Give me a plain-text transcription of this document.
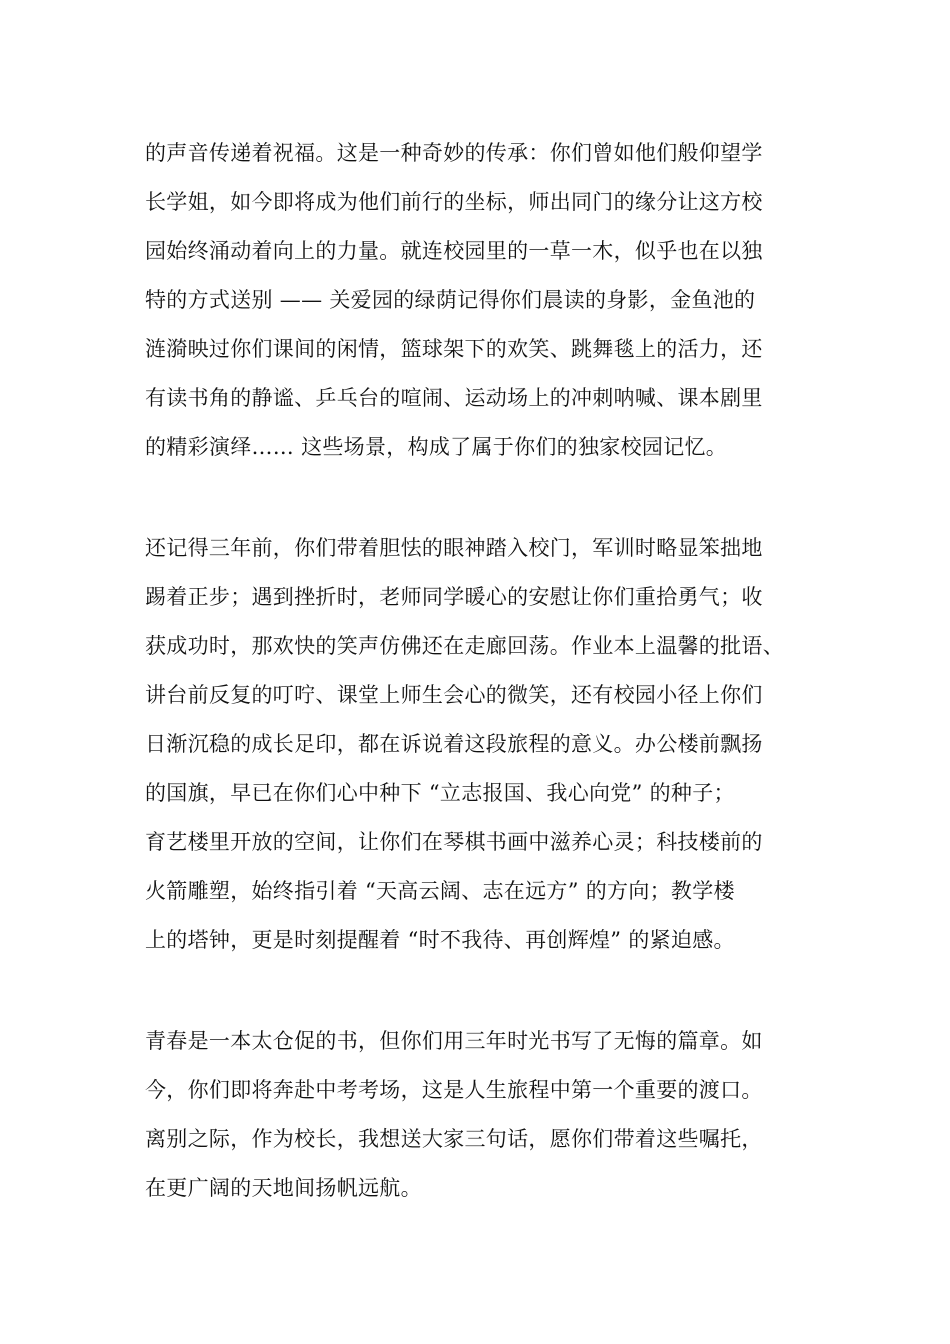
的声音传递着祝福。这是一种奇妙的传承：你们曾如他们般仰望学

长学姐，如今即将成为他们前行的坐标，师出同门的缘分让这方校

园始终涌动着向上的力量。就连校园里的一草一木，似乎也在以独

特的方式送别 —— 关爱园的绿荫记得你们晨读的身影，金鱼池的

涟漪映过你们课间的闲情，篮球架下的欢笑、跳舞毯上的活力，还

有读书角的静谧、乒乓台的喧闹、运动场上的冲刺呐喊、课本剧里

的精彩演绎…… 这些场景，构成了属于你们的独家校园记忆。

还记得三年前，你们带着胆怯的眼神踏入校门，军训时略显笨拙地

踢着正步；遇到挫折时，老师同学暖心的安慰让你们重拾勇气；收

获成功时，那欢快的笑声仿佛还在走廊回荡。作业本上温馨的批语、

讲台前反复的叮咛、课堂上师生会心的微笑，还有校园小径上你们

日渐沉稳的成长足印，都在诉说着这段旅程的意义。办公楼前飘扬

的国旗，早已在你们心中种下 “立志报国、我心向党” 的种子；

育艺楼里开放的空间，让你们在琴棋书画中滋养心灵；科技楼前的

火箭雕塑，始终指引着 “天高云阔、志在远方” 的方向；教学楼

上的塔钟，更是时刻提醒着 “时不我待、再创辉煌” 的紧迫感。

青春是一本太仓促的书，但你们用三年时光书写了无悔的篇章。如

今，你们即将奔赴中考考场，这是人生旅程中第一个重要的渡口。

离别之际，作为校长，我想送大家三句话，愿你们带着这些嘱托，

在更广阔的天地间扬帆远航。
